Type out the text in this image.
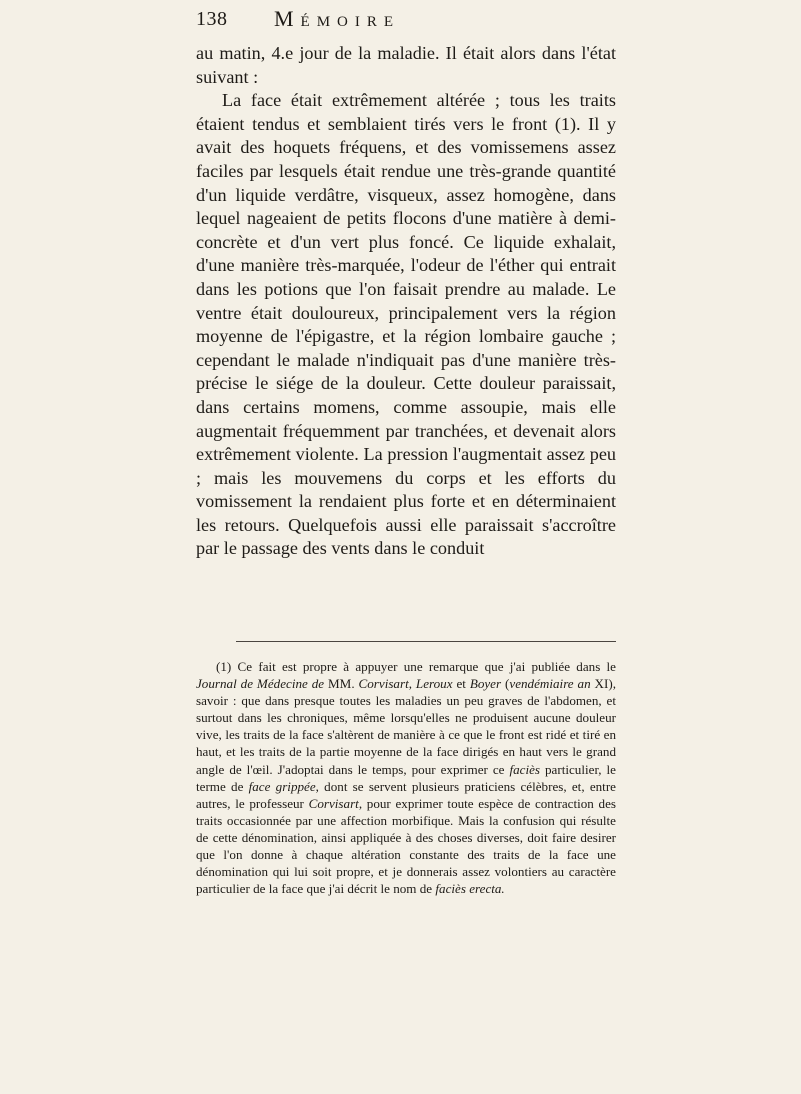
138 Mémoire

au matin, 4.e jour de la maladie. Il était alors dans l'état suivant :

La face était extrêmement altérée ; tous les traits étaient tendus et semblaient tirés vers le front (1). Il y avait des hoquets fréquens, et des vomissemens assez faciles par lesquels était rendue une très-grande quantité d'un liquide verdâtre, visqueux, assez homogène, dans lequel nageaient de petits flocons d'une matière à demi-concrète et d'un vert plus foncé. Ce liquide exhalait, d'une manière très-marquée, l'odeur de l'éther qui entrait dans les potions que l'on faisait prendre au malade. Le ventre était douloureux, principalement vers la région moyenne de l'épigastre, et la région lombaire gauche ; cependant le malade n'indiquait pas d'une manière très-précise le siége de la douleur. Cette douleur paraissait, dans certains momens, comme assoupie, mais elle augmentait fréquemment par tranchées, et devenait alors extrêmement violente. La pression l'augmentait assez peu ; mais les mouvemens du corps et les efforts du vomissement la rendaient plus forte et en déterminaient les retours. Quelquefois aussi elle paraissait s'accroître par le passage des vents dans le conduit

(1) Ce fait est propre à appuyer une remarque que j'ai publiée dans le Journal de Médecine de MM. Corvisart, Leroux et Boyer (vendémiaire an XI), savoir : que dans presque toutes les maladies un peu graves de l'abdomen, et surtout dans les chroniques, même lorsqu'elles ne produisent aucune douleur vive, les traits de la face s'altèrent de manière à ce que le front est ridé et tiré en haut, et les traits de la partie moyenne de la face dirigés en haut vers le grand angle de l'œil. J'adoptai dans le temps, pour exprimer ce faciès particulier, le terme de face grippée, dont se servent plusieurs praticiens célèbres, et, entre autres, le professeur Corvisart, pour exprimer toute espèce de contraction des traits occasionnée par une affection morbifique. Mais la confusion qui résulte de cette dénomination, ainsi appliquée à des choses diverses, doit faire desirer que l'on donne à chaque altération constante des traits de la face une dénomination qui lui soit propre, et je donnerais assez volontiers au caractère particulier de la face que j'ai décrit le nom de faciès erecta.
